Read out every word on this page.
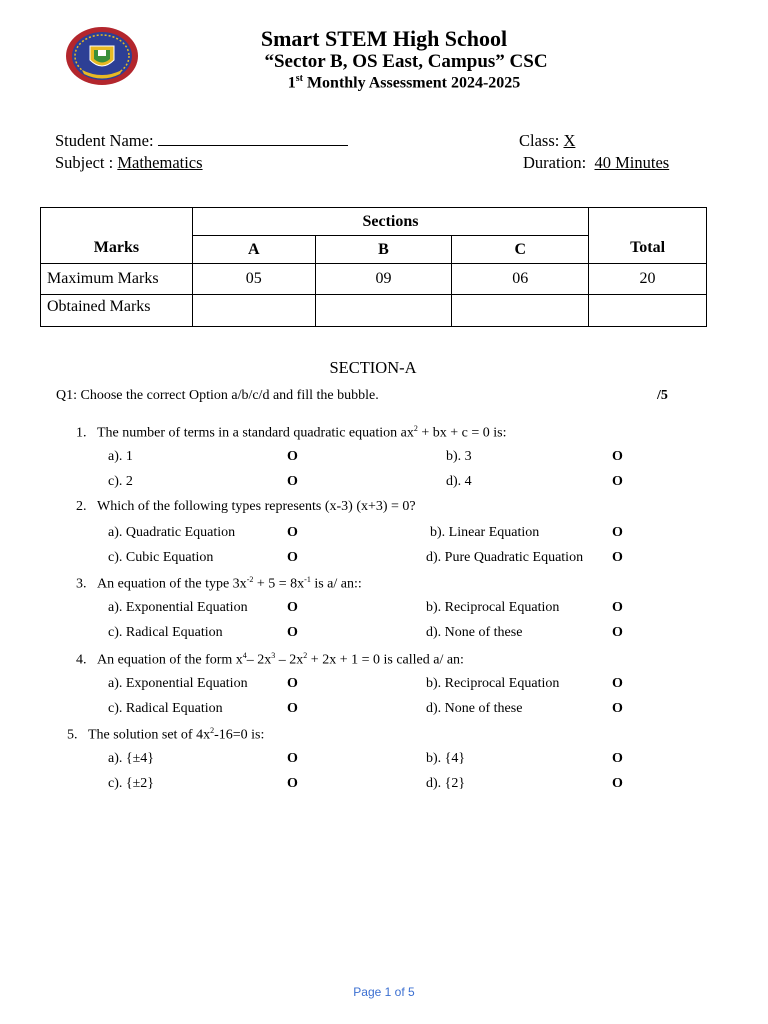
Smart STEM High School
“Sector B, OS East, Campus” CSC
1st Monthly Assessment 2024-2025
Student Name:	Class: X
Subject : Mathematics	Duration: 40 Minutes
Marks	Sections			Total
	A	B	C	
Maximum Marks	05	09	06	20
Obtained Marks				
SECTION-A
Q1: Choose the correct Option a/b/c/d and fill the bubble.	/5
1. The number of terms in a standard quadratic equation $ax^2$ + bx + c = 0 is:
a). 1	O	b). 3	O
c). 2	O	d). 4	O
2. Which of the following types represents (x-3) (x+3) = 0?
a). Quadratic Equation	O	b). Linear Equation	O
c). Cubic Equation	O	d). Pure Quadratic Equation O
3. An equation of the type $3x^{-2} + 5 = 8x^{-1}$ is a/ an::
a). Exponential Equation	O	b). Reciprocal Equation	O
c). Radical Equation	O	d). None of these	O
4. An equation of the form $x^4-$ $2x^3 - 2x^2 + 2x + 1 = 0$ is called a/ an:
a). Exponential Equation	O	b). Reciprocal Equation	O
c). Radical Equation	O	d). None of these	O
5. The solution set of $4x^2-16=0$ is:
a). {±4}	O	b). {4}	O
c). {±2}	O	d). {2}	O
Page 1 of 5
